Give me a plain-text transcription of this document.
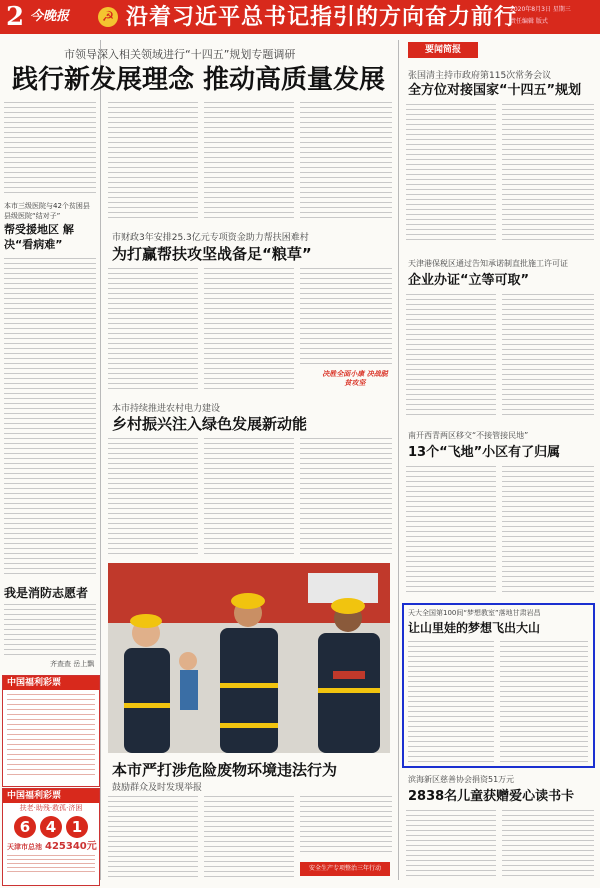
2 今晚报 ☭ 沿着习近平总书记指引的方向奋力前行
2020年8月3日 星期三
责任编辑 版式
市领导深入相关领域进行“十四五”规划专题调研
践行新发展理念 推动高质量发展
本市三级医院与42个贫困县 县级医院“结对子”
帮受援地区 解决“看病难”
我是消防志愿者
齐查查 岳上飘
中国福利彩票
中国福利彩票
扶老·助残·救孤·济困
6	4	1
天津市总池 425340元
市财政3年安排25.3亿元专项资金助力帮扶困难村
为打赢帮扶攻坚战备足“粮草”
决胜全面小康 决战脱贫攻坚
本市持续推进农村电力建设
乡村振兴注入绿色发展新动能
本市严打涉危险废物环境违法行为
鼓励群众及时发现举报
安全生产专项整治三年行动
要闻简报
张国清主持市政府第115次常务会议
全方位对接国家“十四五”规划
天津港保税区通过告知承诺制直批施工许可证
企业办证“立等可取”
南开西青两区移交“不接管接民地”
13个“飞地”小区有了归属
天大全国第100间“梦想教室”落地甘肃岩昌
让山里娃的梦想飞出大山
滨海新区慈善协会捐资51万元
2838名儿童获赠爱心读书卡
